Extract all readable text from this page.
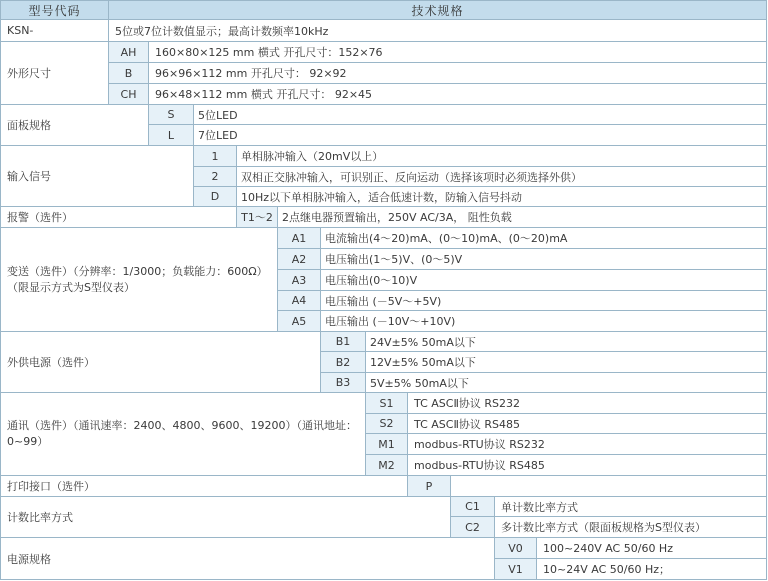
型号代码	技术规格
KSN-	5位或7位计数值显示；最高计数频率10kHz
外形尺寸
AH	160×80×125 mm 横式 开孔尺寸：152×76
B	96×96×112 mm 开孔尺寸： 92×92
CH	96×48×112 mm 横式 开孔尺寸： 92×45
面板规格
S	5位LED
L	7位LED
输入信号
1	单相脉冲输入（20mV以上）
2	双相正交脉冲输入，可识别正、反向运动（选择该项时必须选择外供）
D	10Hz以下单相脉冲输入，适合低速计数，防输入信号抖动
报警（选件）	T1～2 2点继电器预置输出，250V AC/3A， 阻性负载
变送（选件）（分辨率：1/3000；负载能力：600Ω）（限显示方式为S型仪表）
A1	电流输出(4～20)mA、(0～10)mA、(0～20)mA
A2	电压输出(1～5)V、(0～5)V
A3	电压输出(0～10)V
A4	电压输出 (－5V～+5V)
A5	电压输出 (－10V～+10V)
外供电源（选件）
B1	24V±5% 50mA以下
B2	12V±5% 50mA以下
B3	5V±5% 50mA以下
通讯（选件）（通讯速率：2400、4800、9600、19200）（通讯地址：0~99）
S1	TC ASCⅡ协议 RS232
S2	TC ASCⅡ协议 RS485
M1	modbus-RTU协议 RS232
M2	modbus-RTU协议 RS485
打印接口（选件）	P
计数比率方式
C1	单计数比率方式
C2	多计数比率方式（限面板规格为S型仪表）
电源规格
V0	100~240V AC 50/60 Hz
V1	10~24V AC 50/60 Hz；
